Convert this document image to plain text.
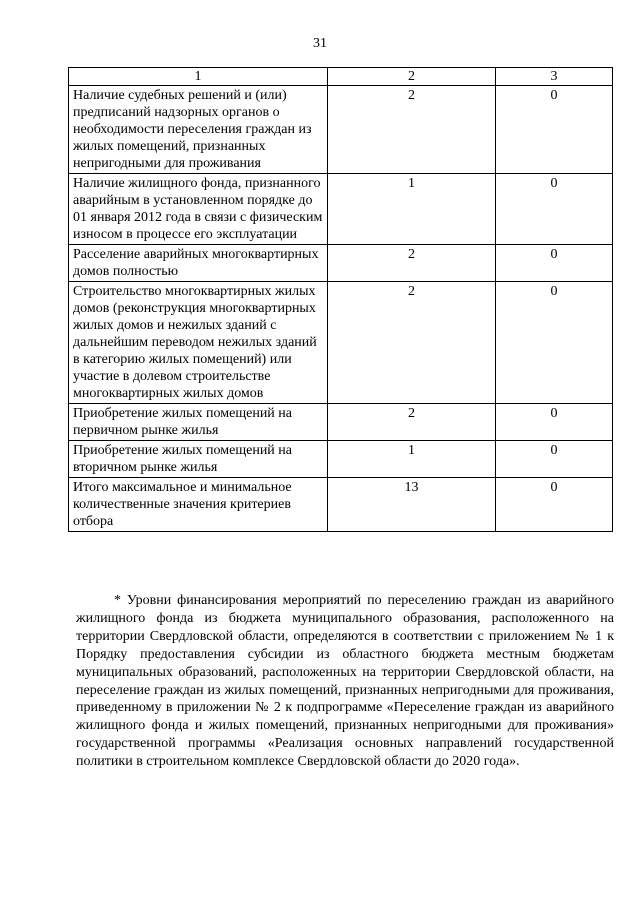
31
1	2	3
Наличие судебных решений и (или) предписаний надзорных органов о необходимости переселения граждан из жилых помещений, признанных непригодными для проживания	2	0
Наличие жилищного фонда, признанного аварийным в установленном порядке до 01 января 2012 года в связи с физическим износом в процессе его эксплуатации	1	0
Расселение аварийных многоквартирных домов полностью	2	0
Строительство многоквартирных жилых домов (реконструкция многоквартирных жилых домов и нежилых зданий с дальнейшим переводом нежилых зданий в категорию жилых помещений) или участие в долевом строительстве многоквартирных жилых домов	2	0
Приобретение жилых помещений на первичном рынке жилья	2	0
Приобретение жилых помещений на вторичном рынке жилья	1	0
Итого максимальное и минимальное количественные значения критериев отбора	13	0

* Уровни финансирования мероприятий по переселению граждан из аварийного жилищного фонда из бюджета муниципального образования, расположенного на территории Свердловской области, определяются в соответствии с приложением № 1 к Порядку предоставления субсидии из областного бюджета местным бюджетам муниципальных образований, расположенных на территории Свердловской области, на переселение граждан из жилых помещений, признанных непригодными для проживания, приведенному в приложении № 2 к подпрограмме «Переселение граждан из аварийного жилищного фонда и жилых помещений, признанных непригодными для проживания» государственной программы «Реализация основных направлений государственной политики в строительном комплексе Свердловской области до 2020 года».
